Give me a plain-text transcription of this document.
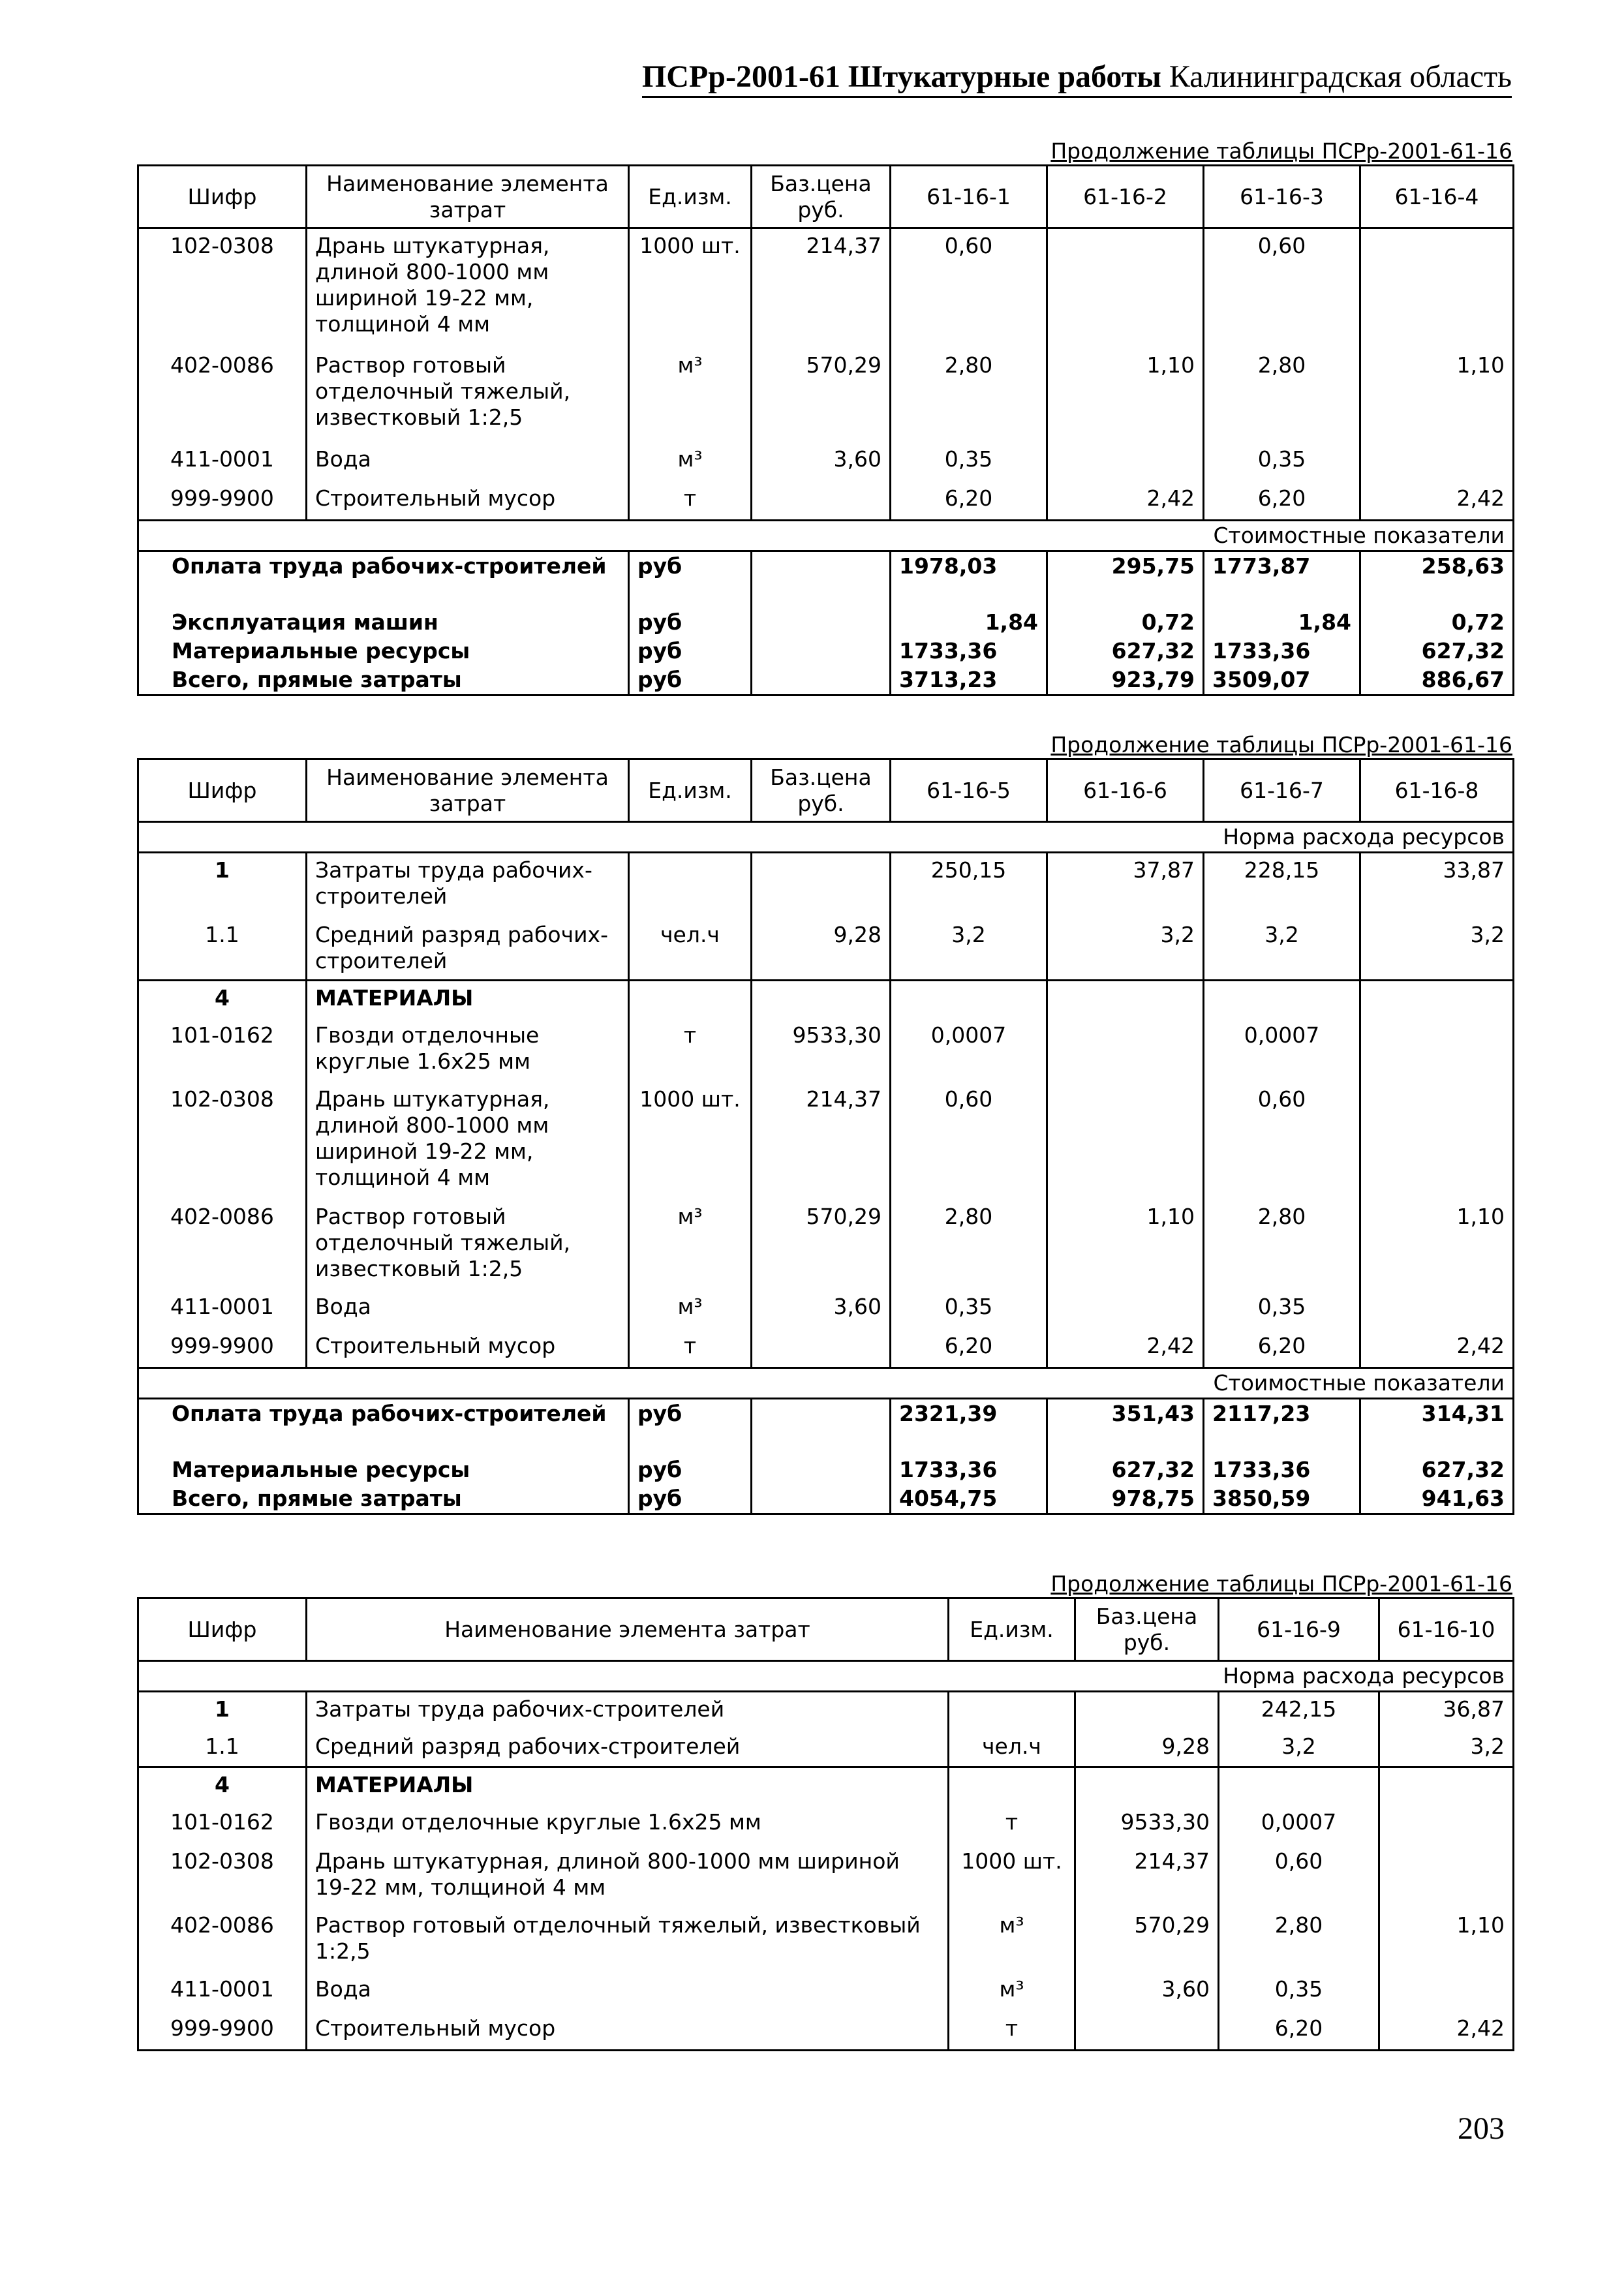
ПСРр-2001-61 Штукатурные работы Калининградская область
Продолжение таблицы ПСРр-2001-61-16
Шифр	Наименование элемента затрат	Ед.изм.	Баз.цена руб.	61-16-1	61-16-2	61-16-3	61-16-4
102-0308	Дрань штукатурная, длиной 800-1000 мм шириной 19-22 мм, толщиной 4 мм	1000 шт.	214,37	0,60		0,60	
402-0086	Раствор готовый отделочный тяжелый, известковый 1:2,5	м³	570,29	2,80	1,10	2,80	1,10
411-0001	Вода	м³	3,60	0,35		0,35	
999-9900	Строительный мусор	т		6,20	2,42	6,20	2,42
Стоимостные показатели							
Оплата труда рабочих-строителей		руб		1978,03	295,75	1773,87	258,63

Эксплуатация машин		руб		1,84	0,72	1,84	0,72
Материальные ресурсы		руб		1733,36	627,32	1733,36	627,32
Всего, прямые затраты		руб		3713,23	923,79	3509,07	886,67
Продолжение таблицы ПСРр-2001-61-16
Шифр	Наименование элемента затрат	Ед.изм.	Баз.цена руб.	61-16-5	61-16-6	61-16-7	61-16-8
Норма расхода ресурсов							
1	Затраты труда рабочих-строителей			250,15	37,87	228,15	33,87
1.1	Средний разряд рабочих-строителей	чел.ч	9,28	3,2	3,2	3,2	3,2
4	МАТЕРИАЛЫ						
101-0162	Гвозди отделочные круглые 1.6х25 мм	т	9533,30	0,0007		0,0007	
102-0308	Дрань штукатурная, длиной 800-1000 мм шириной 19-22 мм, толщиной 4 мм	1000 шт.	214,37	0,60		0,60	
402-0086	Раствор готовый отделочный тяжелый, известковый 1:2,5	м³	570,29	2,80	1,10	2,80	1,10
411-0001	Вода	м³	3,60	0,35		0,35	
999-9900	Строительный мусор	т		6,20	2,42	6,20	2,42
Стоимостные показатели							
Оплата труда рабочих-строителей		руб		2321,39	351,43	2117,23	314,31

Материальные ресурсы		руб		1733,36	627,32	1733,36	627,32
Всего, прямые затраты		руб		4054,75	978,75	3850,59	941,63
Продолжение таблицы ПСРр-2001-61-16
Шифр	Наименование элемента затрат	Ед.изм.	Баз.цена руб.	61-16-9	61-16-10
Норма расхода ресурсов					
1	Затраты труда рабочих-строителей			242,15	36,87
1.1	Средний разряд рабочих-строителей	чел.ч	9,28	3,2	3,2
4	МАТЕРИАЛЫ				
101-0162	Гвозди отделочные круглые 1.6х25 мм	т	9533,30	0,0007	
102-0308	Дрань штукатурная, длиной 800-1000 мм шириной 19-22 мм, толщиной 4 мм	1000 шт.	214,37	0,60	
402-0086	Раствор готовый отделочный тяжелый, известковый 1:2,5	м³	570,29	2,80	1,10
411-0001	Вода	м³	3,60	0,35	
999-9900	Строительный мусор	т		6,20	2,42
203
